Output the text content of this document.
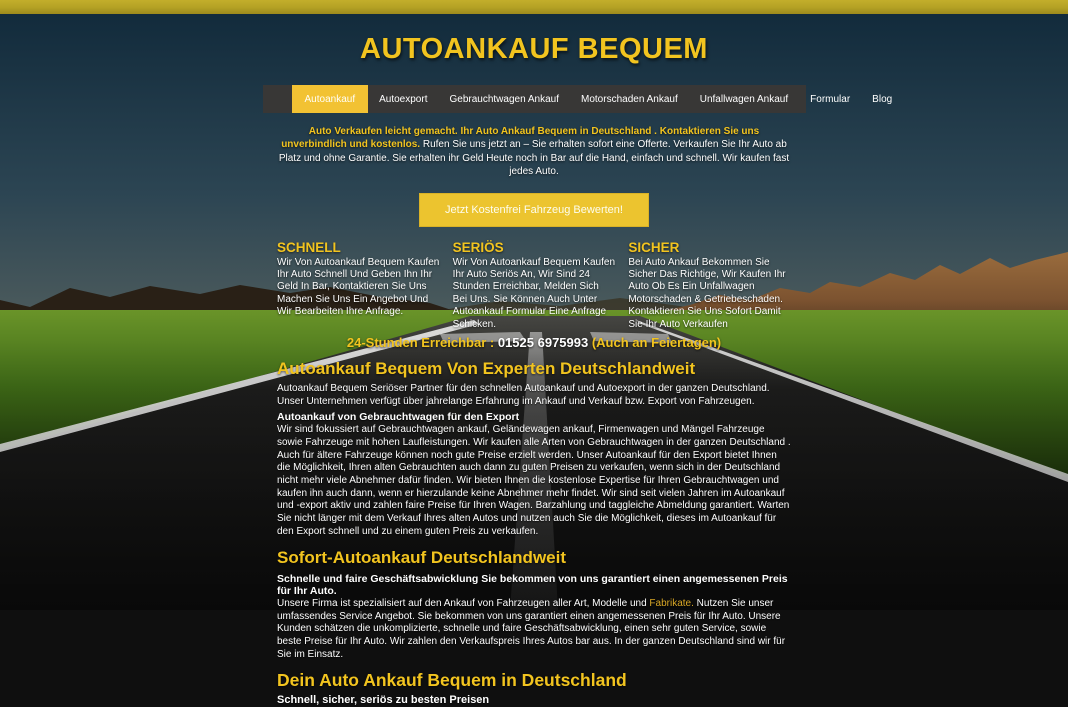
AUTOANKAUF BEQUEM
Autoankauf	Autoexport	Gebrauchtwagen Ankauf	Motorschaden Ankauf	Unfallwagen Ankauf	Formular	Blog

Auto Verkaufen leicht gemacht. Ihr Auto Ankauf Bequem in Deutschland . Kontaktieren Sie uns unverbindlich und kostenlos. Rufen Sie uns jetzt an – Sie erhalten sofort eine Offerte. Verkaufen Sie Ihr Auto ab Platz und ohne Garantie. Sie erhalten ihr Geld Heute noch in Bar auf die Hand, einfach und schnell. Wir kaufen fast jedes Auto.

Jetzt Kostenfrei Fahrzeug Bewerten!
SCHNELL

Wir Von Autoankauf Bequem Kaufen Ihr Auto Schnell Und Geben Ihn Ihr Geld In Bar, Kontaktieren Sie Uns Machen Sie Uns Ein Angebot Und Wir Bearbeiten Ihre Anfrage.

SERIÖS

Wir Von Autoankauf Bequem Kaufen Ihr Auto Seriös An, Wir Sind 24 Stunden Erreichbar, Melden Sich Bei Uns. Sie Können Auch Unter Autoankauf Formular Eine Anfrage Schicken.

SICHER

Bei Auto Ankauf Bekommen Sie Sicher Das Richtige, Wir Kaufen Ihr Auto Ob Es Ein Unfallwagen Motorschaden & Getriebeschaden. Kontaktieren Sie Uns Sofort Damit Sie Ihr Auto Verkaufen

24-Stunden Erreichbar : 01525 6975993 (Auch an Feiertagen)
Autoankauf Bequem Von Experten Deutschlandweit

Autoankauf Bequem Seriöser Partner für den schnellen Autoankauf und Autoexport in der ganzen Deutschland. Unser Unternehmen verfügt über jahrelange Erfahrung im Ankauf und Verkauf bzw. Export von Fahrzeugen.

Autoankauf von Gebrauchtwagen für den Export

Wir sind fokussiert auf Gebrauchtwagen ankauf, Geländewagen ankauf, Firmenwagen und Mängel Fahrzeuge sowie Fahrzeuge mit hohen Laufleistungen. Wir kaufen alle Arten von Gebrauchtwagen in der ganzen Deutschland . Auch für ältere Fahrzeuge können noch gute Preise erzielt werden. Unser Autoankauf für den Export bietet Ihnen die Möglichkeit, Ihren alten Gebrauchten auch dann zu guten Preisen zu verkaufen, wenn sich in der Deutschland nicht mehr viele Abnehmer dafür finden. Wir bieten Ihnen die kostenlose Expertise für Ihren Gebrauchtwagen und kaufen ihn auch dann, wenn er hierzulande keine Abnehmer mehr findet. Wir sind seit vielen Jahren im Autoankauf und -export aktiv und zahlen faire Preise für Ihren Wagen. Barzahlung und taggleiche Abmeldung garantiert. Warten Sie nicht länger mit dem Verkauf Ihres alten Autos und nutzen auch Sie die Möglichkeit, dieses im Autoankauf für den Export schnell und zu einem guten Preis zu verkaufen.

Sofort-Autoankauf Deutschlandweit

Schnelle und faire Geschäftsabwicklung Sie bekommen von uns garantiert einen angemessenen Preis für Ihr Auto.

Unsere Firma ist spezialisiert auf den Ankauf von Fahrzeugen aller Art, Modelle und Fabrikate. Nutzen Sie unser umfassendes Service Angebot. Sie bekommen von uns garantiert einen angemessenen Preis für Ihr Auto. Unsere Kunden schätzen die unkomplizierte, schnelle und faire Geschäftsabwicklung, einen sehr guten Service, sowie beste Preise für Ihr Auto. Wir zahlen den Verkaufspreis Ihres Autos bar aus. In der ganzen Deutschland sind wir für Sie im Einsatz.

Dein Auto Ankauf Bequem in Deutschland

Schnell, sicher, seriös zu besten Preisen
